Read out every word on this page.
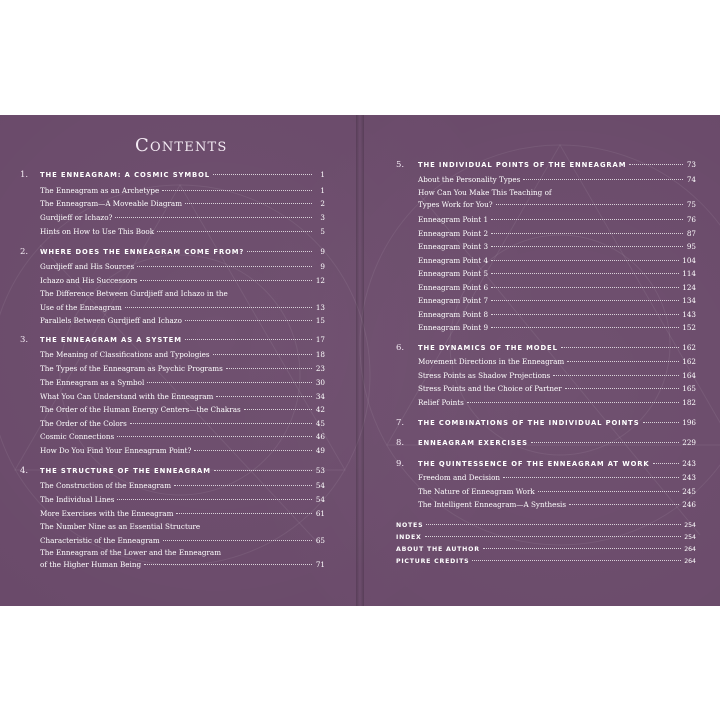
Contents
1.	THE ENNEAGRAM: A COSMIC SYMBOL	1
The Enneagram as an Archetype	1
The Enneagram—A Moveable Diagram	2
Gurdjieff or Ichazo?	3
Hints on How to Use This Book	5
2.	WHERE DOES THE ENNEAGRAM COME FROM?	9
Gurdjieff and His Sources	9
Ichazo and His Successors	12
The Difference Between Gurdjieff and Ichazo in the
Use of the Enneagram	13
Parallels Between Gurdjieff and Ichazo	15
3.	THE ENNEAGRAM AS A SYSTEM	17
The Meaning of Classifications and Typologies	18
The Types of the Enneagram as Psychic Programs	23
The Enneagram as a Symbol	30
What You Can Understand with the Enneagram	34
The Order of the Human Energy Centers—the Chakras	42
The Order of the Colors	45
Cosmic Connections	46
How Do You Find Your Enneagram Point?	49
4.	THE STRUCTURE OF THE ENNEAGRAM	53
The Construction of the Enneagram	54
The Individual Lines	54
More Exercises with the Enneagram	61
The Number Nine as an Essential Structure
Characteristic of the Enneagram	65
The Enneagram of the Lower and the Enneagram
of the Higher Human Being	71
5.	THE INDIVIDUAL POINTS OF THE ENNEAGRAM	73
About the Personality Types	74
How Can You Make This Teaching of
Types Work for You?	75
Enneagram Point 1	76
Enneagram Point 2	87
Enneagram Point 3	95
Enneagram Point 4	104
Enneagram Point 5	114
Enneagram Point 6	124
Enneagram Point 7	134
Enneagram Point 8	143
Enneagram Point 9	152
6.	THE DYNAMICS OF THE MODEL	162
Movement Directions in the Enneagram	162
Stress Points as Shadow Projections	164
Stress Points and the Choice of Partner	165
Relief Points	182
7.	THE COMBINATIONS OF THE INDIVIDUAL POINTS	196
8.	ENNEAGRAM EXERCISES	229
9.	THE QUINTESSENCE OF THE ENNEAGRAM AT WORK	243
Freedom and Decision	243
The Nature of Enneagram Work	245
The Intelligent Enneagram—A Synthesis	246
NOTES	254
INDEX	254
ABOUT THE AUTHOR	264
PICTURE CREDITS	264
